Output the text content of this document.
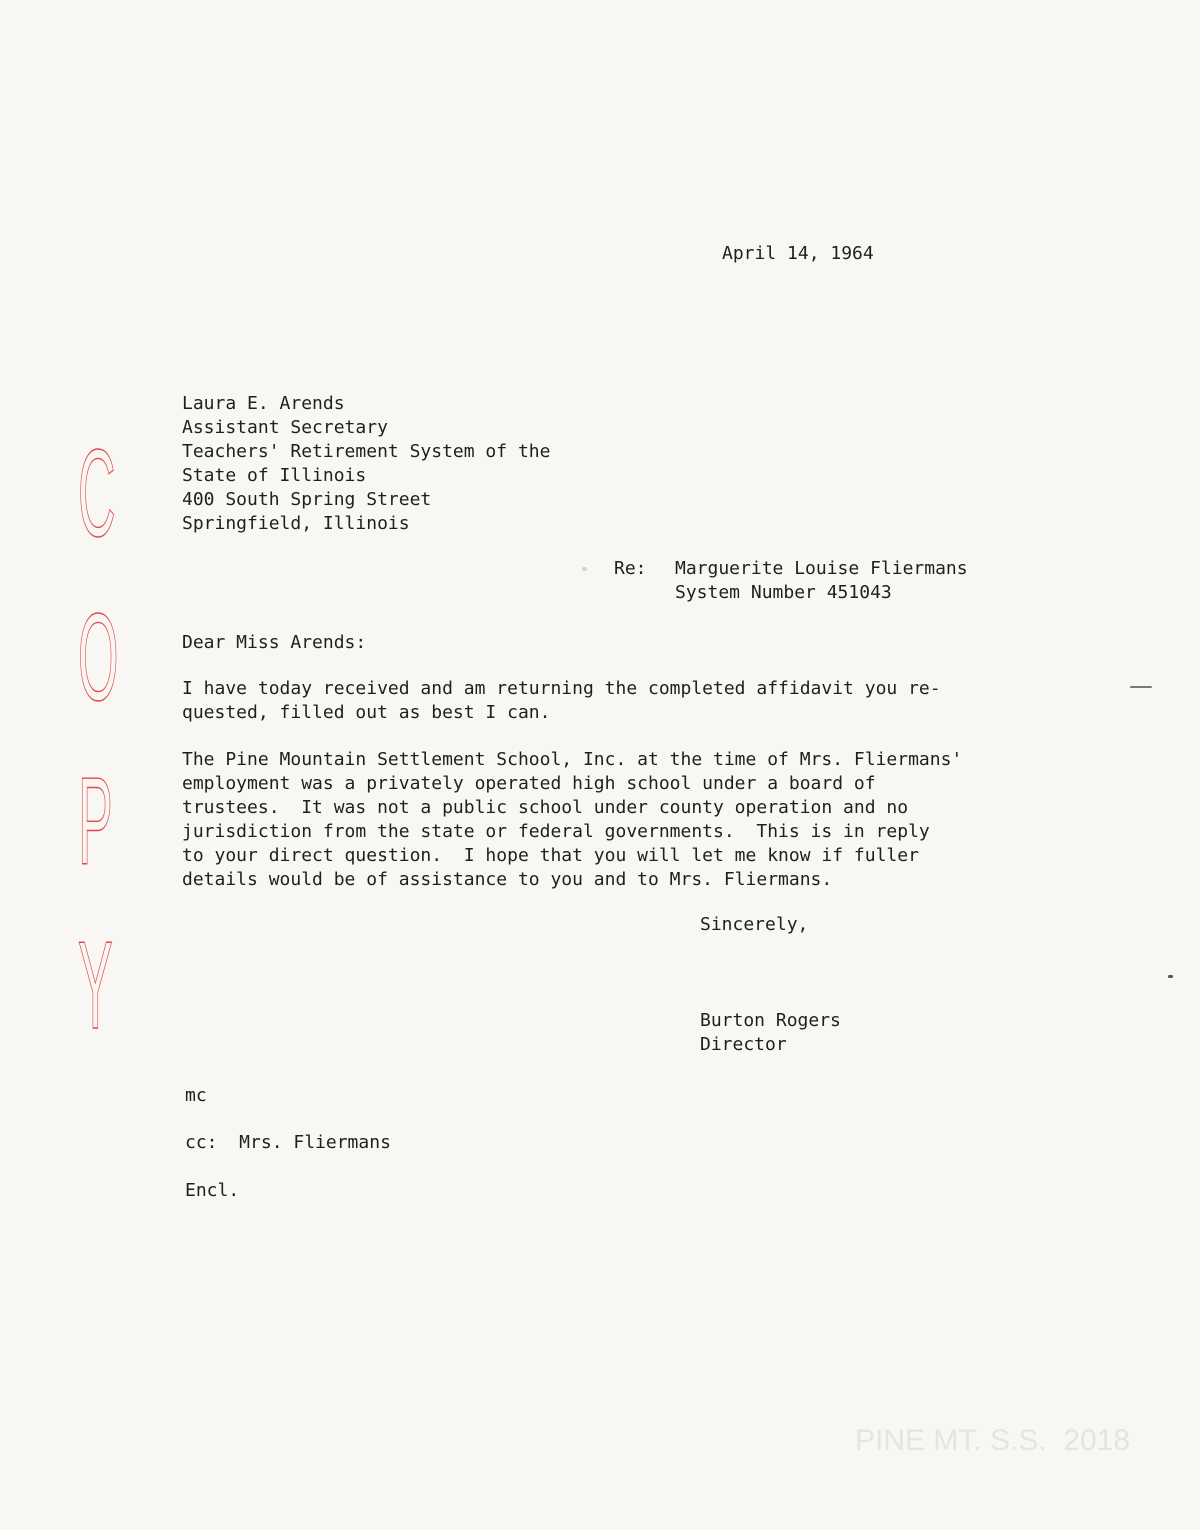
C
O
P
Y

April 14, 1964

Laura E. Arends

Assistant Secretary

Teachers' Retirement System of the

State of Illinois

400 South Spring Street

Springfield, Illinois

Re: Marguerite Louise Fliermans

System Number 451043

Dear Miss Arends:

I have today received and am returning the completed affidavit you re-

quested, filled out as best I can.

The Pine Mountain Settlement School, Inc. at the time of Mrs. Fliermans'

employment was a privately operated high school under a board of

trustees.  It was not a public school under county operation and no

jurisdiction from the state or federal governments.  This is in reply

to your direct question.  I hope that you will let me know if fuller

details would be of assistance to you and to Mrs. Fliermans.

Sincerely,

Burton Rogers

Director

mc

cc:  Mrs. Fliermans

Encl.

PINE MT. S.S.  2018
